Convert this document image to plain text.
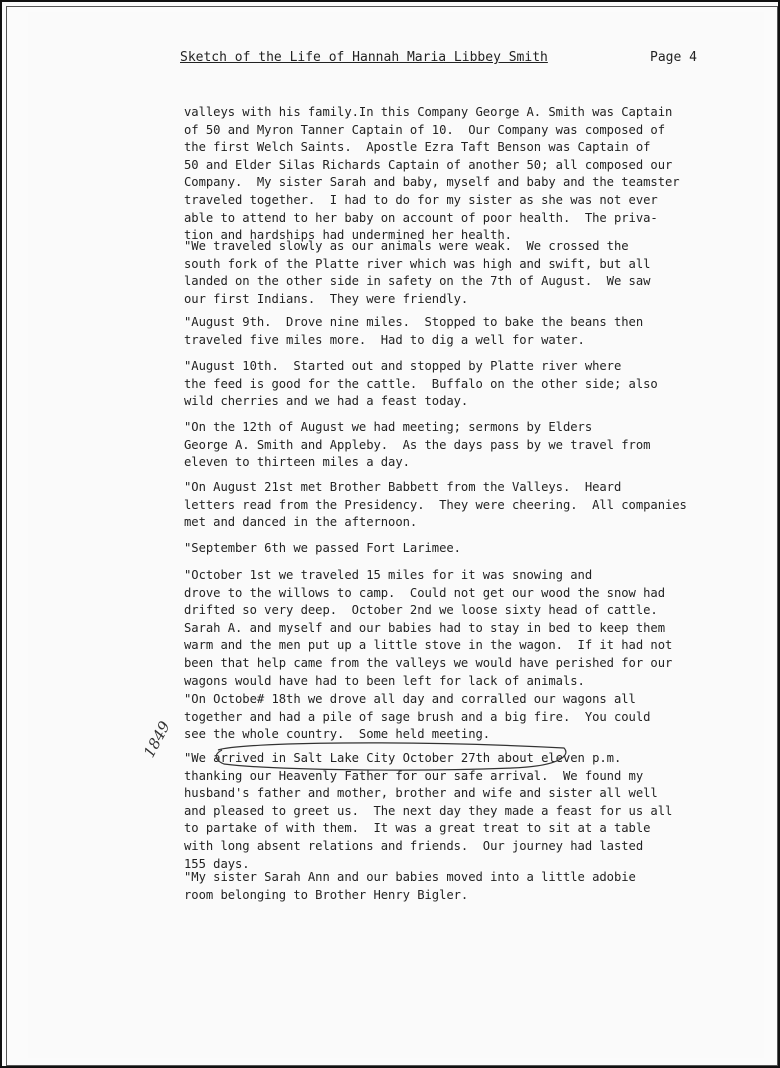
Sketch of the Life of Hannah Maria Libbey Smith	Page 4
valleys with his family.In this Company George A. Smith was Captain
of 50 and Myron Tanner Captain of 10.  Our Company was composed of
the first Welch Saints.  Apostle Ezra Taft Benson was Captain of
50 and Elder Silas Richards Captain of another 50; all composed our
Company.  My sister Sarah and baby, myself and baby and the teamster
traveled together.  I had to do for my sister as she was not ever
able to attend to her baby on account of poor health.  The priva-
tion and hardships had undermined her health.
"We traveled slowly as our animals were weak.  We crossed the
south fork of the Platte river which was high and swift, but all
landed on the other side in safety on the 7th of August.  We saw
our first Indians.  They were friendly.
"August 9th.  Drove nine miles.  Stopped to bake the beans then
traveled five miles more.  Had to dig a well for water.
"August 10th.  Started out and stopped by Platte river where
the feed is good for the cattle.  Buffalo on the other side; also
wild cherries and we had a feast today.
"On the 12th of August we had meeting; sermons by Elders
George A. Smith and Appleby.  As the days pass by we travel from
eleven to thirteen miles a day.
"On August 21st met Brother Babbett from the Valleys.  Heard
letters read from the Presidency.  They were cheering.  All companies
met and danced in the afternoon.
"September 6th we passed Fort Larimee.
"October 1st we traveled 15 miles for it was snowing and
drove to the willows to camp.  Could not get our wood the snow had
drifted so very deep.  October 2nd we loose sixty head of cattle.
Sarah A. and myself and our babies had to stay in bed to keep them
warm and the men put up a little stove in the wagon.  If it had not
been that help came from the valleys we would have perished for our
wagons would have had to been left for lack of animals.
"On Octobe# 18th we drove all day and corralled our wagons all
together and had a pile of sage brush and a big fire.  You could
see the whole country.  Some held meeting.
"We arrived in Salt Lake City October 27th about eleven p.m.
thanking our Heavenly Father for our safe arrival.  We found my
husband's father and mother, brother and wife and sister all well
and pleased to greet us.  The next day they made a feast for us all
to partake of with them.  It was a great treat to sit at a table
with long absent relations and friends.  Our journey had lasted
155 days.
"My sister Sarah Ann and our babies moved into a little adobie
room belonging to Brother Henry Bigler.
1849
